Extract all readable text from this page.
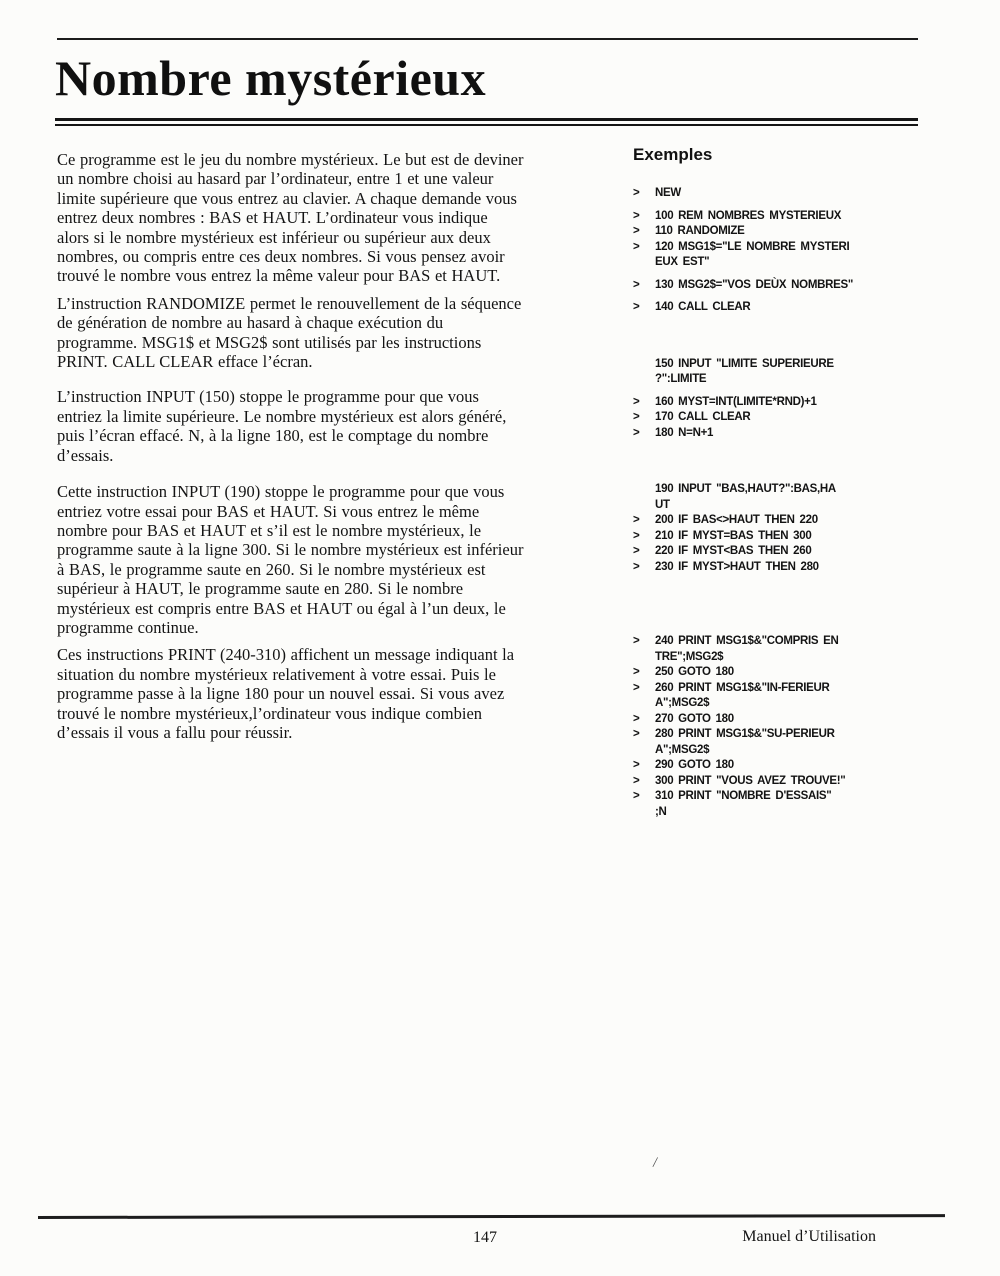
Nombre mystérieux

Ce programme est le jeu du nombre mystérieux. Le but est de deviner
un nombre choisi au hasard par l’ordinateur, entre 1 et une valeur
limite supérieure que vous entrez au clavier. A chaque demande vous
entrez deux nombres : BAS et HAUT. L’ordinateur vous indique
alors si le nombre mystérieux est inférieur ou supérieur aux deux
nombres, ou compris entre ces deux nombres. Si vous pensez avoir
trouvé le nombre vous entrez la même valeur pour BAS et HAUT.

L’instruction RANDOMIZE permet le renouvellement de la séquence
de génération de nombre au hasard à chaque exécution du
programme. MSG1$ et MSG2$ sont utilisés par les instructions
PRINT. CALL CLEAR efface l’écran.

L’instruction INPUT (150) stoppe le programme pour que vous
entriez la limite supérieure. Le nombre mystérieux est alors généré,
puis l’écran effacé. N, à la ligne 180, est le comptage du nombre
d’essais.

Cette instruction INPUT (190) stoppe le programme pour que vous
entriez votre essai pour BAS et HAUT. Si vous entrez le même
nombre pour BAS et HAUT et s’il est le nombre mystérieux, le
programme saute à la ligne 300. Si le nombre mystérieux est inférieur
à BAS, le programme saute en 260. Si le nombre mystérieux est
supérieur à HAUT, le programme saute en 280. Si le nombre
mystérieux est compris entre BAS et HAUT ou égal à l’un deux, le
programme continue.

Ces instructions PRINT (240-310) affichent un message indiquant la
situation du nombre mystérieux relativement à votre essai. Puis le
programme passe à la ligne 180 pour un nouvel essai. Si vous avez
trouvé le nombre mystérieux,l’ordinateur vous indique combien
d’essais il vous a fallu pour réussir.

Exemples
>	NEW
>	100 REM NOMBRES MYSTERIEUX
>	110 RANDOMIZE
>	120 MSG1$="LE NOMBRE MYSTERI
EUX EST"
>	130 MSG2$="VOS DEÙX NOMBRES"
>	140 CALL CLEAR
150 INPUT "LIMITE SUPERIEURE
?":LIMITE
>	160 MYST=INT(LIMITE*RND)+1
>	170 CALL CLEAR
>	180 N=N+1
190 INPUT "BAS,HAUT?":BAS,HA
UT
>	200 IF BAS<>HAUT THEN 220
>	210 IF MYST=BAS THEN 300
>	220 IF MYST<BAS THEN 260
>	230 IF MYST>HAUT THEN 280
>	240 PRINT MSG1$&"COMPRIS EN
TRE";MSG2$
>	250 GOTO 180
>	260 PRINT MSG1$&"IN-FERIEUR
A";MSG2$
>	270 GOTO 180
>	280 PRINT MSG1$&"SU-PERIEUR
A";MSG2$
>	290 GOTO 180
>	300 PRINT "VOUS AVEZ TROUVE!"
>	310 PRINT "NOMBRE D'ESSAIS"
;N
/
147	Manuel d’Utilisation
